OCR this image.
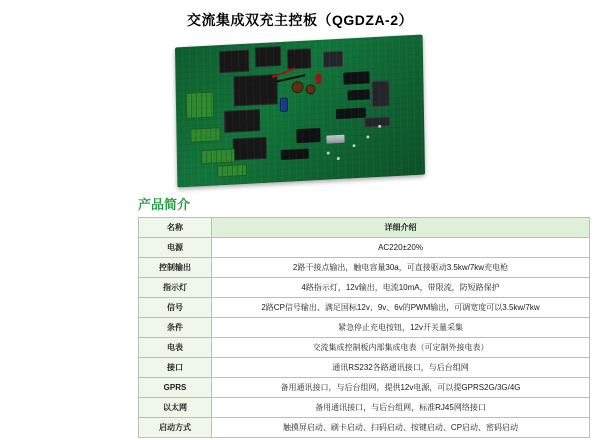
交流集成双充主控板（QGDZA-2）
产品简介
名称	详细介绍
电源	AC220±20%
控制输出	2路干接点输出，触电容量30a，可直接驱动3.5kw/7kw充电枪
指示灯	4路指示灯，12v输出，电流10mA，带限流，防短路保护
信号	2路CP信号输出、满足国标12v、9v、6v的PWM输出，可调宽度可以3.5kw/7kw
条件	紧急停止充电按钮，12v开关量采集
电表	交流集成控制板内部集成电表（可定制外接电表）
接口	通讯RS232各路通讯接口，与后台组网
GPRS	备用通讯接口，与后台组网，提供12v电源，可以提GPRS2G/3G/4G
以太网	备用通讯接口，与后台组网，标准RJ45网络接口
启动方式	触摸屏启动、刷卡启动、扫码启动、按键启动、CP启动、密码启动
